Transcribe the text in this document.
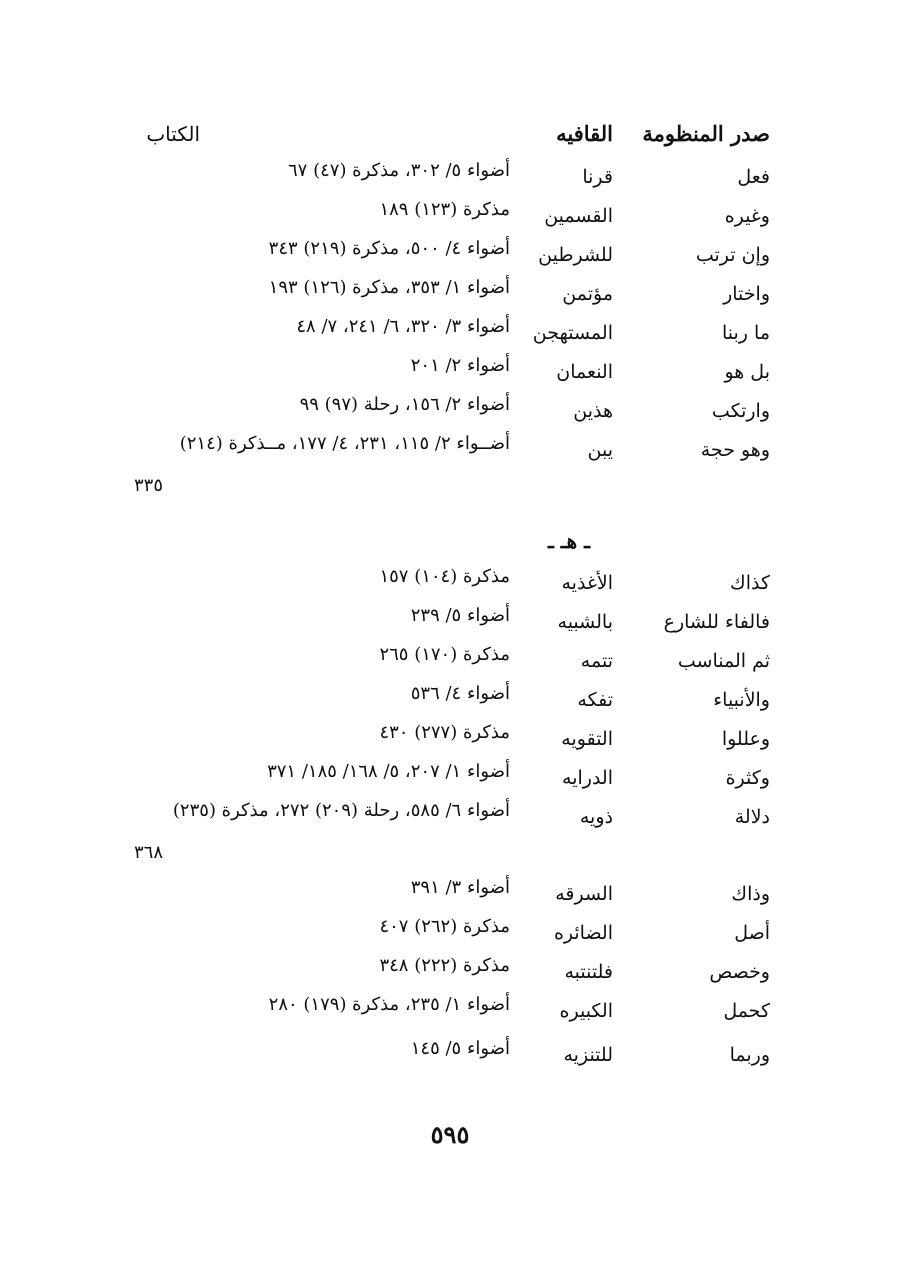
صدر المنظومة
القافيه
الكتاب
فعل
قرنا
أضواء ٥/ ٣٠٢، مذكرة (٤٧) ٦٧
وغيره
القسمين
مذكرة (١٢٣) ١٨٩
وإن ترتب
للشرطين
أضواء ٤/ ٥٠٠، مذكرة (٢١٩) ٣٤٣
واختار
مؤتمن
أضواء ١/ ٣٥٣، مذكرة (١٢٦) ١٩٣
ما ربنا
المستهجن
أضواء ٣/ ٣٢٠، ٦/ ٢٤١، ٧/ ٤٨
بل هو
النعمان
أضواء ٢/ ٢٠١
وارتكب
هذين
أضواء ٢/ ١٥٦، رحلة (٩٧) ٩٩
وهو حجة
يبن
أضــواء ٢/ ١١٥، ٢٣١، ٤/ ١٧٧، مــذكرة (٢١٤)
٣٣٥
ـ هـ ـ
كذاك
الأغذيه
مذكرة (١٠٤) ١٥٧
فالفاء للشارع
بالشبيه
أضواء ٥/ ٢٣٩
ثم المناسب
تتمه
مذكرة (١٧٠) ٢٦٥
والأنبياء
تفكه
أضواء ٤/ ٥٣٦
وعللوا
التقويه
مذكرة (٢٧٧) ٤٣٠
وكثرة
الدرايه
أضواء ١/ ٢٠٧، ٥/ ١٦٨/ ١٨٥/ ٣٧١
دلالة
ذويه
أضواء ٦/ ٥٨٥، رحلة (٢٠٩) ٢٧٢، مذكرة (٢٣٥)
٣٦٨
وذاك
السرقه
أضواء ٣/ ٣٩١
أصل
الضائره
مذكرة (٢٦٢) ٤٠٧
وخصص
فلتنتبه
مذكرة (٢٢٢) ٣٤٨
كحمل
الكبيره
أضواء ١/ ٢٣٥، مذكرة (١٧٩) ٢٨٠
وربما
للتنزيه
أضواء ٥/ ١٤٥
٥٩٥
